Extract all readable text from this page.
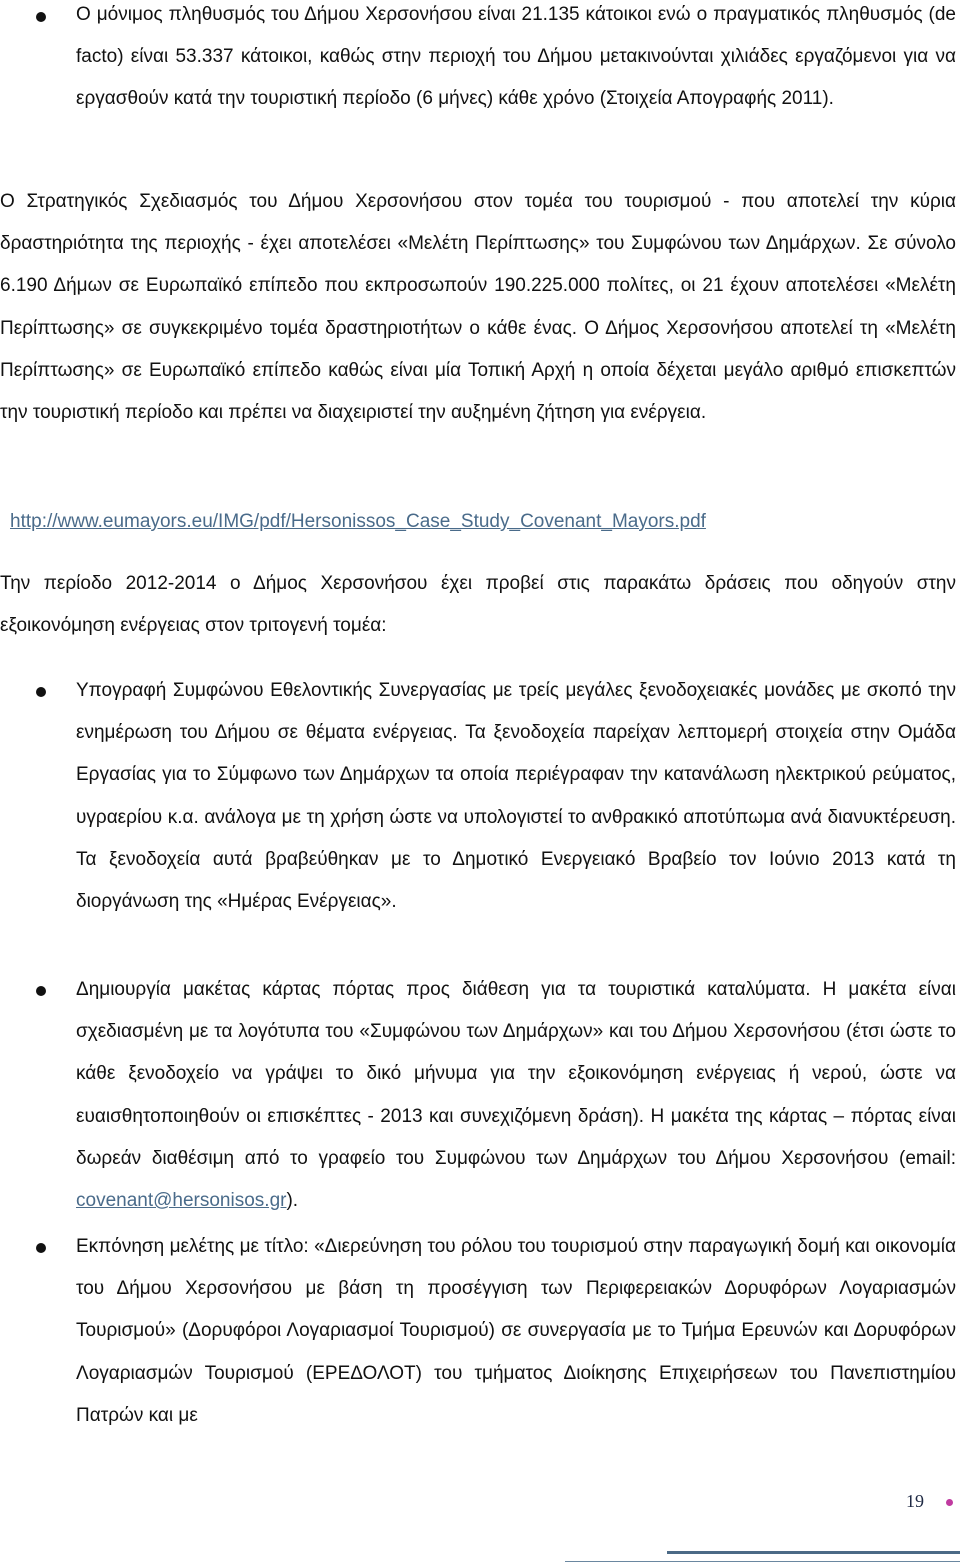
Ο μόνιμος πληθυσμός του Δήμου Χερσονήσου είναι 21.135 κάτοικοι ενώ ο πραγματικός πληθυσμός (de facto) είναι 53.337 κάτοικοι, καθώς στην περιοχή του Δήμου μετακινούνται χιλιάδες εργαζόμενοι για να εργασθούν κατά την τουριστική περίοδο (6 μήνες) κάθε χρόνο (Στοιχεία Απογραφής 2011).

Ο Στρατηγικός Σχεδιασμός του Δήμου Χερσονήσου στον τομέα του τουρισμού - που αποτελεί την κύρια δραστηριότητα της περιοχής - έχει αποτελέσει «Μελέτη Περίπτωσης» του Συμφώνου των Δημάρχων. Σε σύνολο 6.190 Δήμων σε Ευρωπαϊκό επίπεδο που εκπροσωπούν 190.225.000 πολίτες, οι 21 έχουν αποτελέσει «Μελέτη Περίπτωσης» σε συγκεκριμένο τομέα δραστηριοτήτων ο κάθε ένας. Ο Δήμος Χερσονήσου αποτελεί τη «Μελέτη Περίπτωσης» σε Ευρωπαϊκό επίπεδο καθώς είναι μία Τοπική Αρχή η οποία δέχεται μεγάλο αριθμό επισκεπτών την τουριστική περίοδο και πρέπει να διαχειριστεί την αυξημένη ζήτηση για ενέργεια.

http://www.eumayors.eu/IMG/pdf/Hersonissos_Case_Study_Covenant_Mayors.pdf

Την περίοδο 2012-2014 ο Δήμος Χερσονήσου έχει προβεί στις παρακάτω δράσεις που οδηγούν στην εξοικονόμηση ενέργειας στον τριτογενή τομέα:

Υπογραφή Συμφώνου Εθελοντικής Συνεργασίας με τρείς μεγάλες ξενοδοχειακές μονάδες με σκοπό την ενημέρωση του Δήμου σε θέματα ενέργειας. Τα ξενοδοχεία παρείχαν λεπτομερή στοιχεία στην Ομάδα Εργασίας για το Σύμφωνο των Δημάρχων τα οποία περιέγραφαν την κατανάλωση ηλεκτρικού ρεύματος, υγραερίου κ.α. ανάλογα με τη χρήση ώστε να υπολογιστεί το ανθρακικό αποτύπωμα ανά διανυκτέρευση. Τα ξενοδοχεία αυτά βραβεύθηκαν με το Δημοτικό Ενεργειακό Βραβείο τον Ιούνιο 2013 κατά τη διοργάνωση της «Ημέρας Ενέργειας».

Δημιουργία μακέτας κάρτας πόρτας προς διάθεση για τα τουριστικά καταλύματα. Η μακέτα είναι σχεδιασμένη με τα λογότυπα του «Συμφώνου των Δημάρχων» και του Δήμου Χερσονήσου (έτσι ώστε το κάθε ξενοδοχείο να γράψει το δικό μήνυμα για την εξοικονόμηση ενέργειας ή νερού, ώστε να ευαισθητοποιηθούν οι επισκέπτες - 2013 και συνεχιζόμενη δράση). Η μακέτα της κάρτας – πόρτας είναι δωρεάν διαθέσιμη από το γραφείο του Συμφώνου των Δημάρχων του Δήμου Χερσονήσου (email: covenant@hersonisos.gr).

Εκπόνηση μελέτης με τίτλο: «Διερεύνηση του ρόλου του τουρισμού στην παραγωγική δομή και οικονομία του Δήμου Χερσονήσου με βάση τη προσέγγιση των Περιφερειακών Δορυφόρων Λογαριασμών Τουρισμού» (Δορυφόροι Λογαριασμοί Τουρισμού) σε συνεργασία με το Τμήμα Ερευνών και Δορυφόρων Λογαριασμών Τουρισμού (ΕΡΕΔΟΛΟΤ) του τμήματος Διοίκησης Επιχειρήσεων του Πανεπιστημίου Πατρών και με

19
